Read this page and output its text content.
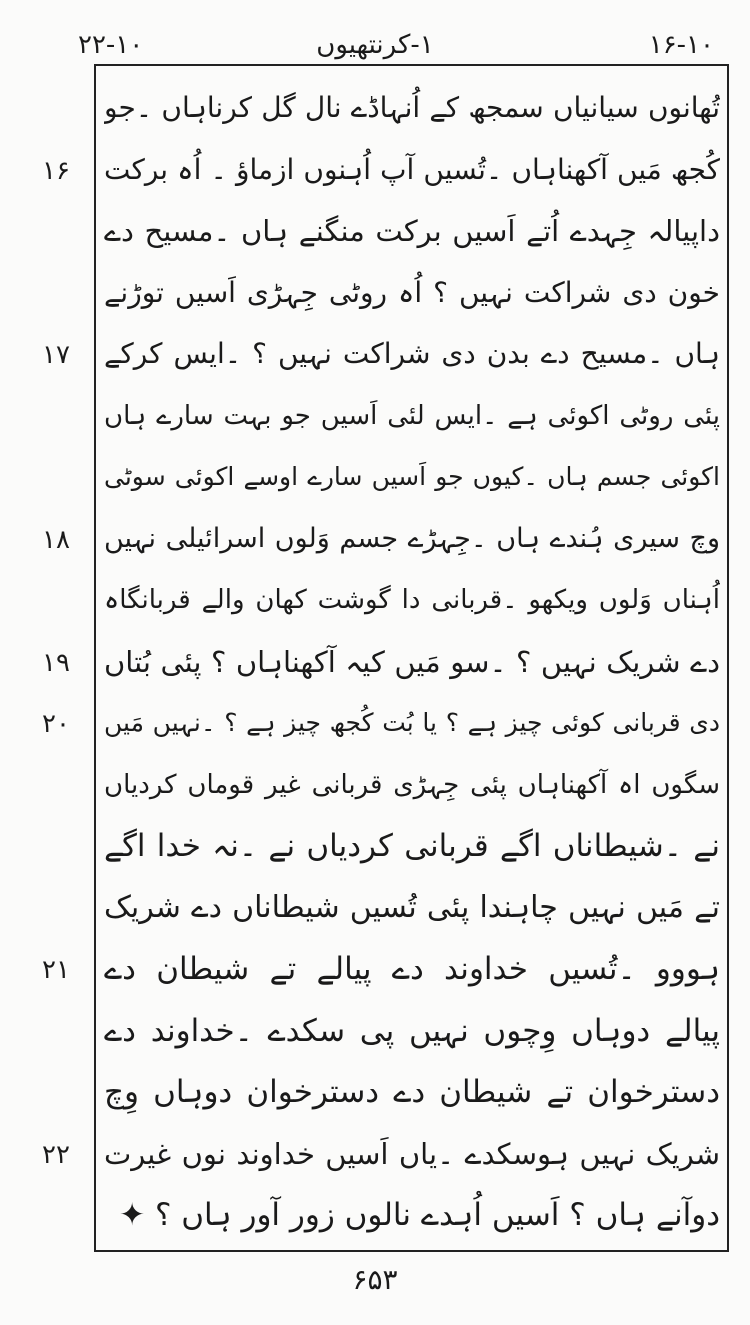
۲۲-۱۰	۱-کرنتھیوں	۱۶-۱۰
تُھانوں سیانیاں سمجھ کے اُنہاڈے نال گل کرناہاں ۔جو
کُجھ مَیں آکھناہاں ۔تُسیں آپ اُہنوں ازماؤ ۔ اُہ برکت
داپیالہ جِہدے اُتے اَسیں برکت منگنے ہاں ۔مسیح دے
خون دی شراکت نہیں ؟ اُہ روٹی جِہڑی اَسیں توڑنے
ہاں ۔مسیح دے بدن دی شراکت نہیں ؟ ۔ایس کرکے
پئی روٹی اکوئی ہے ۔ایس لئی اَسیں جو بہت سارے ہاں
اکوئی جسم ہاں ۔کیوں جو اَسیں سارے اوسے اکوئی سوٹی
وچ سیری ہُندے ہاں ۔جِہڑے جسم وَلوں اسرائیلی نہیں
اُہناں وَلوں ویکھو ۔قربانی دا گوشت کھان والے قربانگاہ
دے شریک نہیں ؟ ۔سو مَیں کیہ آکھناہاں ؟ پئی بُتاں
دی قربانی کوئی چیز ہے ؟ یا بُت کُجھ چیز ہے ؟ ۔نہیں مَیں
سگوں اہ آکھناہاں پئی جِہڑی قربانی غیر قوماں کردیاں
نے ۔شیطاناں اگے قربانی کردیاں نے ۔نہ خدا اگے
تے مَیں نہیں چاہندا پئی تُسیں شیطاناں دے شریک
ہووو ۔تُسیں خداوند دے پیالے تے شیطان دے
پیالے دوہاں وِچوں نہیں پی سکدے ۔خداوند دے
دسترخوان تے شیطان دے دسترخوان دوہاں وِچ
شریک نہیں ہوسکدے ۔یاں اَسیں خداوند نوں غیرت
دوآنے ہاں ؟ اَسیں اُہدے نالوں زور آور ہاں ؟ ✦
۱۶
۱۷
۱۸
۱۹
۲۰
۲۱
۲۲
۶۵۳
